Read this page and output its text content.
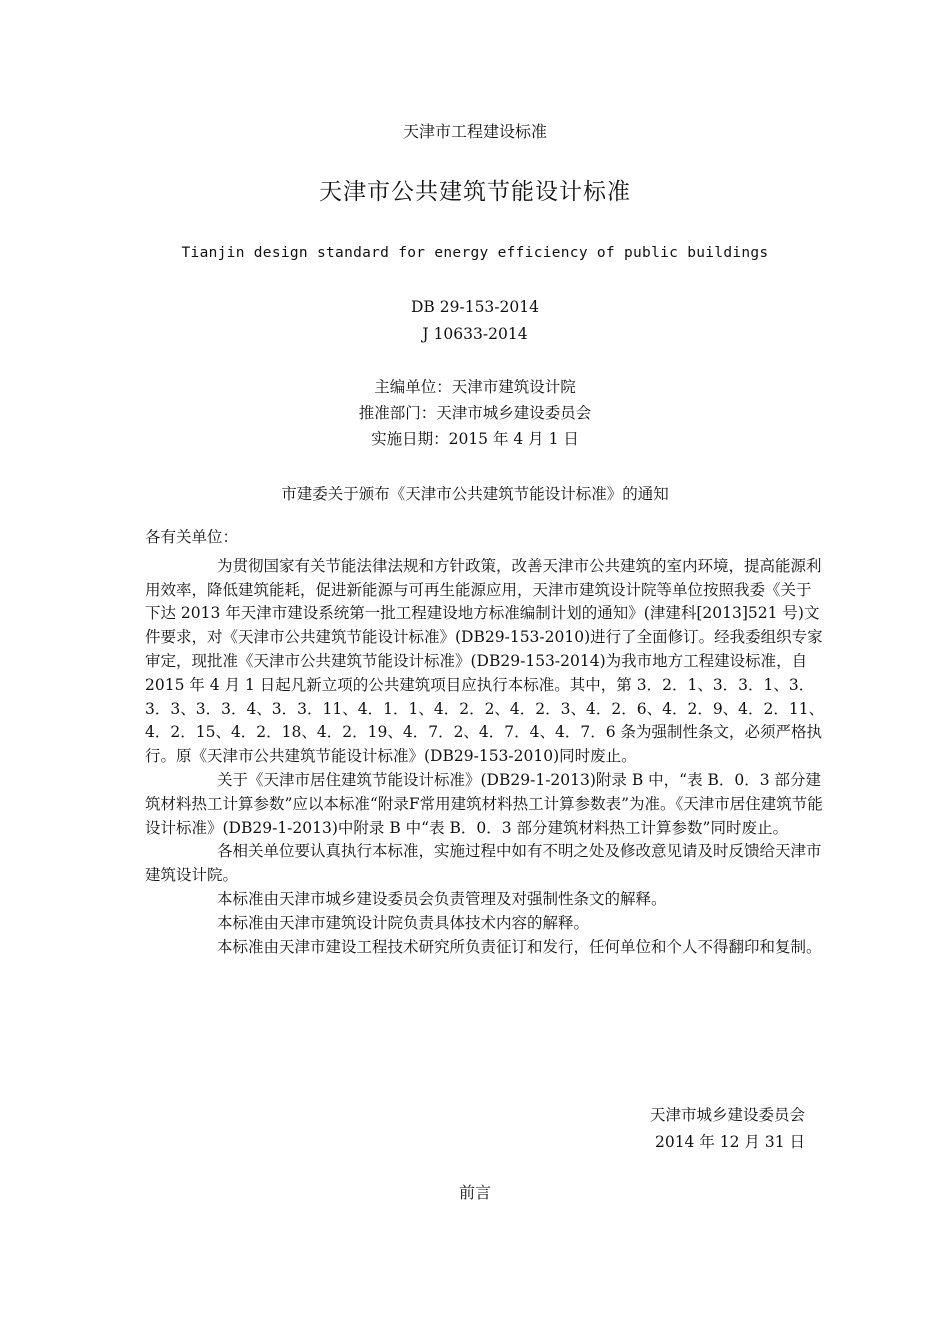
天津市工程建设标准
天津市公共建筑节能设计标准
Tianjin design standard for energy efficiency of public buildings
DB 29-153-2014
J 10633-2014
主编单位：天津市建筑设计院
推准部门：天津市城乡建设委员会
实施日期：2015 年 4 月 1 日
市建委关于颁布《天津市公共建筑节能设计标准》的通知

各有关单位：

为贯彻国家有关节能法律法规和方针政策，改善天津市公共建筑的室内环境，提高能源利用效率，降低建筑能耗，促进新能源与可再生能源应用，天津市建筑设计院等单位按照我委《关于下达 2013 年天津市建设系统第一批工程建设地方标准编制计划的通知》(津建科[2013]521 号)文件要求，对《天津市公共建筑节能设计标准》(DB29-153-2010)进行了全面修订。经我委组织专家审定，现批准《天津市公共建筑节能设计标准》(DB29-153-2014)为我市地方工程建设标准，自 2015 年 4 月 1 日起凡新立项的公共建筑项目应执行本标准。其中，第 3．2．1、3．3．1、3．3．3、3．3．4、3．3．11、4．1．1、4．2．2、4．2．3、4．2．6、4．2．9、4．2．11、4．2．15、4．2．18、4．2．19、4．7．2、4．7．4、4．7．6 条为强制性条文，必须严格执行。原《天津市公共建筑节能设计标准》(DB29-153-2010)同时废止。

关于《天津市居住建筑节能设计标准》(DB29-1-2013)附录 B 中，“表 B．0．3 部分建筑材料热工计算参数”应以本标准“附录F常用建筑材料热工计算参数表”为准。《天津市居住建筑节能设计标准》(DB29-1-2013)中附录 B 中“表 B．0．3 部分建筑材料热工计算参数”同时废止。

各相关单位要认真执行本标准，实施过程中如有不明之处及修改意见请及时反馈给天津市建筑设计院。

本标准由天津市城乡建设委员会负责管理及对强制性条文的解释。

本标准由天津市建筑设计院负责具体技术内容的解释。

本标准由天津市建设工程技术研究所负责征订和发行，任何单位和个人不得翻印和复制。

天津市城乡建设委员会
2014 年 12 月 31 日
前言
